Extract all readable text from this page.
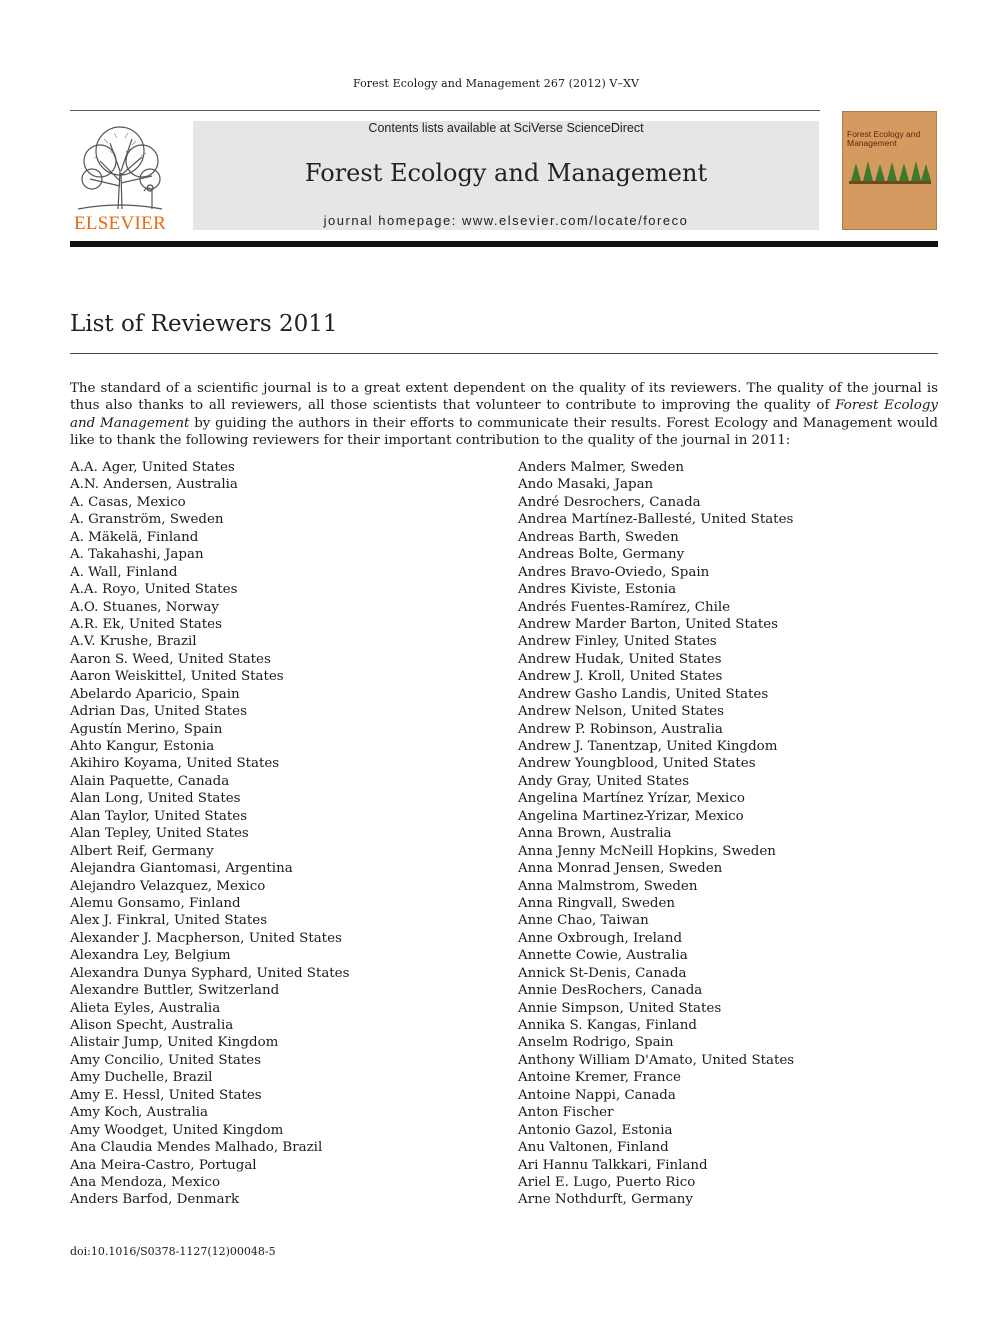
Forest Ecology and Management 267 (2012) V–XV
ELSEVIER
Contents lists available at SciVerse ScienceDirect
Forest Ecology and Management
journal homepage: www.elsevier.com/locate/foreco
Forest Ecology and Management
List of Reviewers 2011
The standard of a scientific journal is to a great extent dependent on the quality of its reviewers. The quality of the journal is thus also thanks to all reviewers, all those scientists that volunteer to contribute to improving the quality of Forest Ecology and Management by guiding the authors in their efforts to communicate their results. Forest Ecology and Management would like to thank the following reviewers for their important contribution to the quality of the journal in 2011:
A.A. Ager, United States
A.N. Andersen, Australia
A. Casas, Mexico
A. Granström, Sweden
A. Mäkelä, Finland
A. Takahashi, Japan
A. Wall, Finland
A.A. Royo, United States
A.O. Stuanes, Norway
A.R. Ek, United States
A.V. Krushe, Brazil
Aaron S. Weed, United States
Aaron Weiskittel, United States
Abelardo Aparicio, Spain
Adrian Das, United States
Agustín Merino, Spain
Ahto Kangur, Estonia
Akihiro Koyama, United States
Alain Paquette, Canada
Alan Long, United States
Alan Taylor, United States
Alan Tepley, United States
Albert Reif, Germany
Alejandra Giantomasi, Argentina
Alejandro Velazquez, Mexico
Alemu Gonsamo, Finland
Alex J. Finkral, United States
Alexander J. Macpherson, United States
Alexandra Ley, Belgium
Alexandra Dunya Syphard, United States
Alexandre Buttler, Switzerland
Alieta Eyles, Australia
Alison Specht, Australia
Alistair Jump, United Kingdom
Amy Concilio, United States
Amy Duchelle, Brazil
Amy E. Hessl, United States
Amy Koch, Australia
Amy Woodget, United Kingdom
Ana Claudia Mendes Malhado, Brazil
Ana Meira-Castro, Portugal
Ana Mendoza, Mexico
Anders Barfod, Denmark
Anders Malmer, Sweden
Ando Masaki, Japan
André Desrochers, Canada
Andrea Martínez-Ballesté, United States
Andreas Barth, Sweden
Andreas Bolte, Germany
Andres Bravo-Oviedo, Spain
Andres Kiviste, Estonia
Andrés Fuentes-Ramírez, Chile
Andrew Marder Barton, United States
Andrew Finley, United States
Andrew Hudak, United States
Andrew J. Kroll, United States
Andrew Gasho Landis, United States
Andrew Nelson, United States
Andrew P. Robinson, Australia
Andrew J. Tanentzap, United Kingdom
Andrew Youngblood, United States
Andy Gray, United States
Angelina Martínez Yrízar, Mexico
Angelina Martinez-Yrizar, Mexico
Anna Brown, Australia
Anna Jenny McNeill Hopkins, Sweden
Anna Monrad Jensen, Sweden
Anna Malmstrom, Sweden
Anna Ringvall, Sweden
Anne Chao, Taiwan
Anne Oxbrough, Ireland
Annette Cowie, Australia
Annick St-Denis, Canada
Annie DesRochers, Canada
Annie Simpson, United States
Annika S. Kangas, Finland
Anselm Rodrigo, Spain
Anthony William D'Amato, United States
Antoine Kremer, France
Antoine Nappi, Canada
Anton Fischer
Antonio Gazol, Estonia
Anu Valtonen, Finland
Ari Hannu Talkkari, Finland
Ariel E. Lugo, Puerto Rico
Arne Nothdurft, Germany
doi:10.1016/S0378-1127(12)00048-5
